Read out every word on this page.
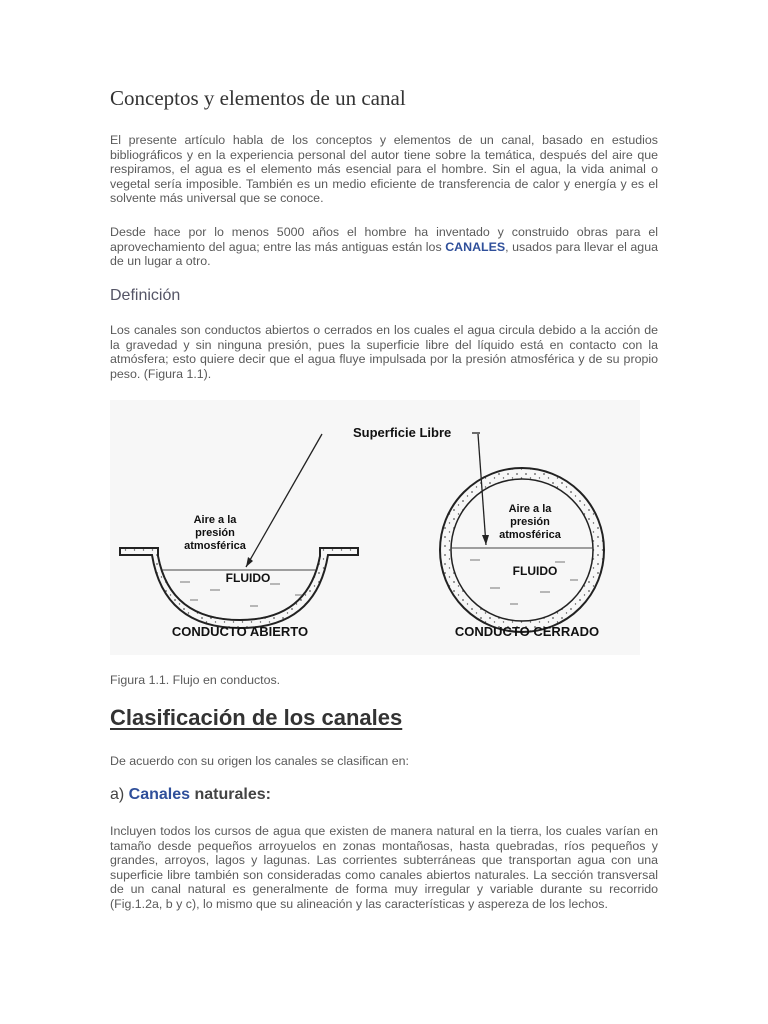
Conceptos y elementos de un canal

El presente artículo habla de los conceptos y elementos de un canal, basado en estudios bibliográficos y en la experiencia personal del autor tiene sobre la temática, después del aire que respiramos, el agua es el elemento más esencial para el hombre. Sin el agua, la vida animal o vegetal sería imposible. También es un medio eficiente de transferencia de calor y energía y es el solvente más universal que se conoce.

Desde hace por lo menos 5000 años el hombre ha inventado y construido obras para el aprovechamiento del agua; entre las más antiguas están los CANALES, usados para llevar el agua de un lugar a otro.

Definición

Los canales son conductos abiertos o cerrados en los cuales el agua circula debido a la acción de la gravedad y sin ninguna presión, pues la superficie libre del líquido está en contacto con la atmósfera; esto quiere decir que el agua fluye impulsada por la presión atmosférica y de su propio peso. (Figura 1.1).

Superficie Libre
Aire a la
presión
atmosférica
Aire a la
presión
atmosférica
FLUIDO	FLUIDO
CONDUCTO ABIERTO	CONDUCTO CERRADO
Figura 1.1. Flujo en conductos.
Clasificación de los canales

De acuerdo con su origen los canales se clasifican en:

a) Canales naturales:

Incluyen todos los cursos de agua que existen de manera natural en la tierra, los cuales varían en tamaño desde pequeños arroyuelos en zonas montañosas, hasta quebradas, ríos pequeños y grandes, arroyos, lagos y lagunas. Las corrientes subterráneas que transportan agua con una superficie libre también son consideradas como canales abiertos naturales. La sección transversal de un canal natural es generalmente de forma muy irregular y variable durante su recorrido (Fig.1.2a, b y c), lo mismo que su alineación y las características y aspereza de los lechos.
